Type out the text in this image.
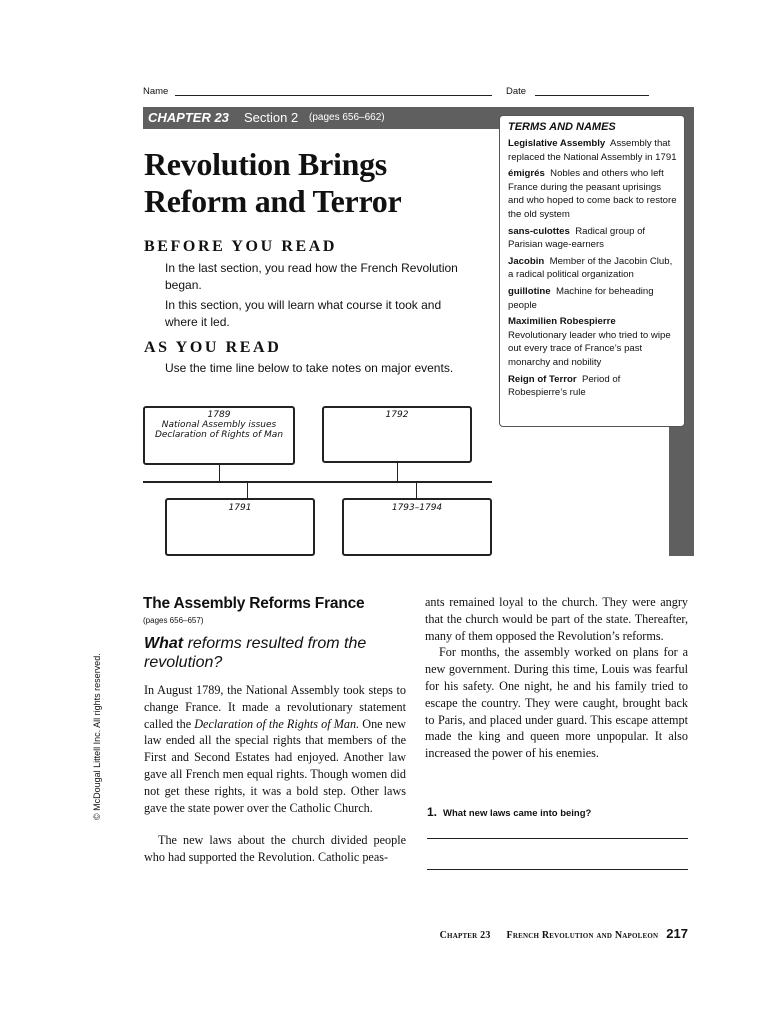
Name	Date
CHAPTER 23 Section 2 (pages 656–662)
TERMS AND NAMES
Legislative Assembly Assembly that replaced the National Assembly in 1791
émigrés Nobles and others who left France during the peasant uprisings and who hoped to come back to restore the old system
sans-culottes Radical group of Parisian wage-earners
Jacobin Member of the Jacobin Club, a radical political organization
guillotine Machine for beheading people
Maximilien Robespierre
Revolutionary leader who tried to wipe out every trace of France’s past monarchy and nobility
Reign of Terror Period of Robespierre’s rule
Revolution Brings
Reform and Terror
BEFORE YOU READ
In the last section, you read how the French Revolution began.
In this section, you will learn what course it took and where it led.
AS YOU READ
Use the time line below to take notes on major events.
1789
National Assembly issues
Declaration of Rights of Man
1792
1791	1793–1794
The Assembly Reforms France
(pages 656–657)
What reforms resulted from the revolution?

In August 1789, the National Assembly took steps to change France. It made a revolutionary statement called the Declaration of the Rights of Man. One new law ended all the special rights that members of the First and Second Estates had enjoyed. Another law gave all French men equal rights. Though women did not get these rights, it was a bold step. Other laws gave the state power over the Catholic Church.

The new laws about the church divided people who had supported the Revolution. Catholic peas-

ants remained loyal to the church. They were angry that the church would be part of the state. Thereafter, many of them opposed the Revolution’s reforms.

For months, the assembly worked on plans for a new government. During this time, Louis was fearful for his safety. One night, he and his family tried to escape the country. They were caught, brought back to Paris, and placed under guard. This escape attempt made the king and queen more unpopular. It also increased the power of his enemies.

1. What new laws came into being?
© McDougal Littell Inc. All rights reserved.
Chapter 23 French Revolution and Napoleon 217
